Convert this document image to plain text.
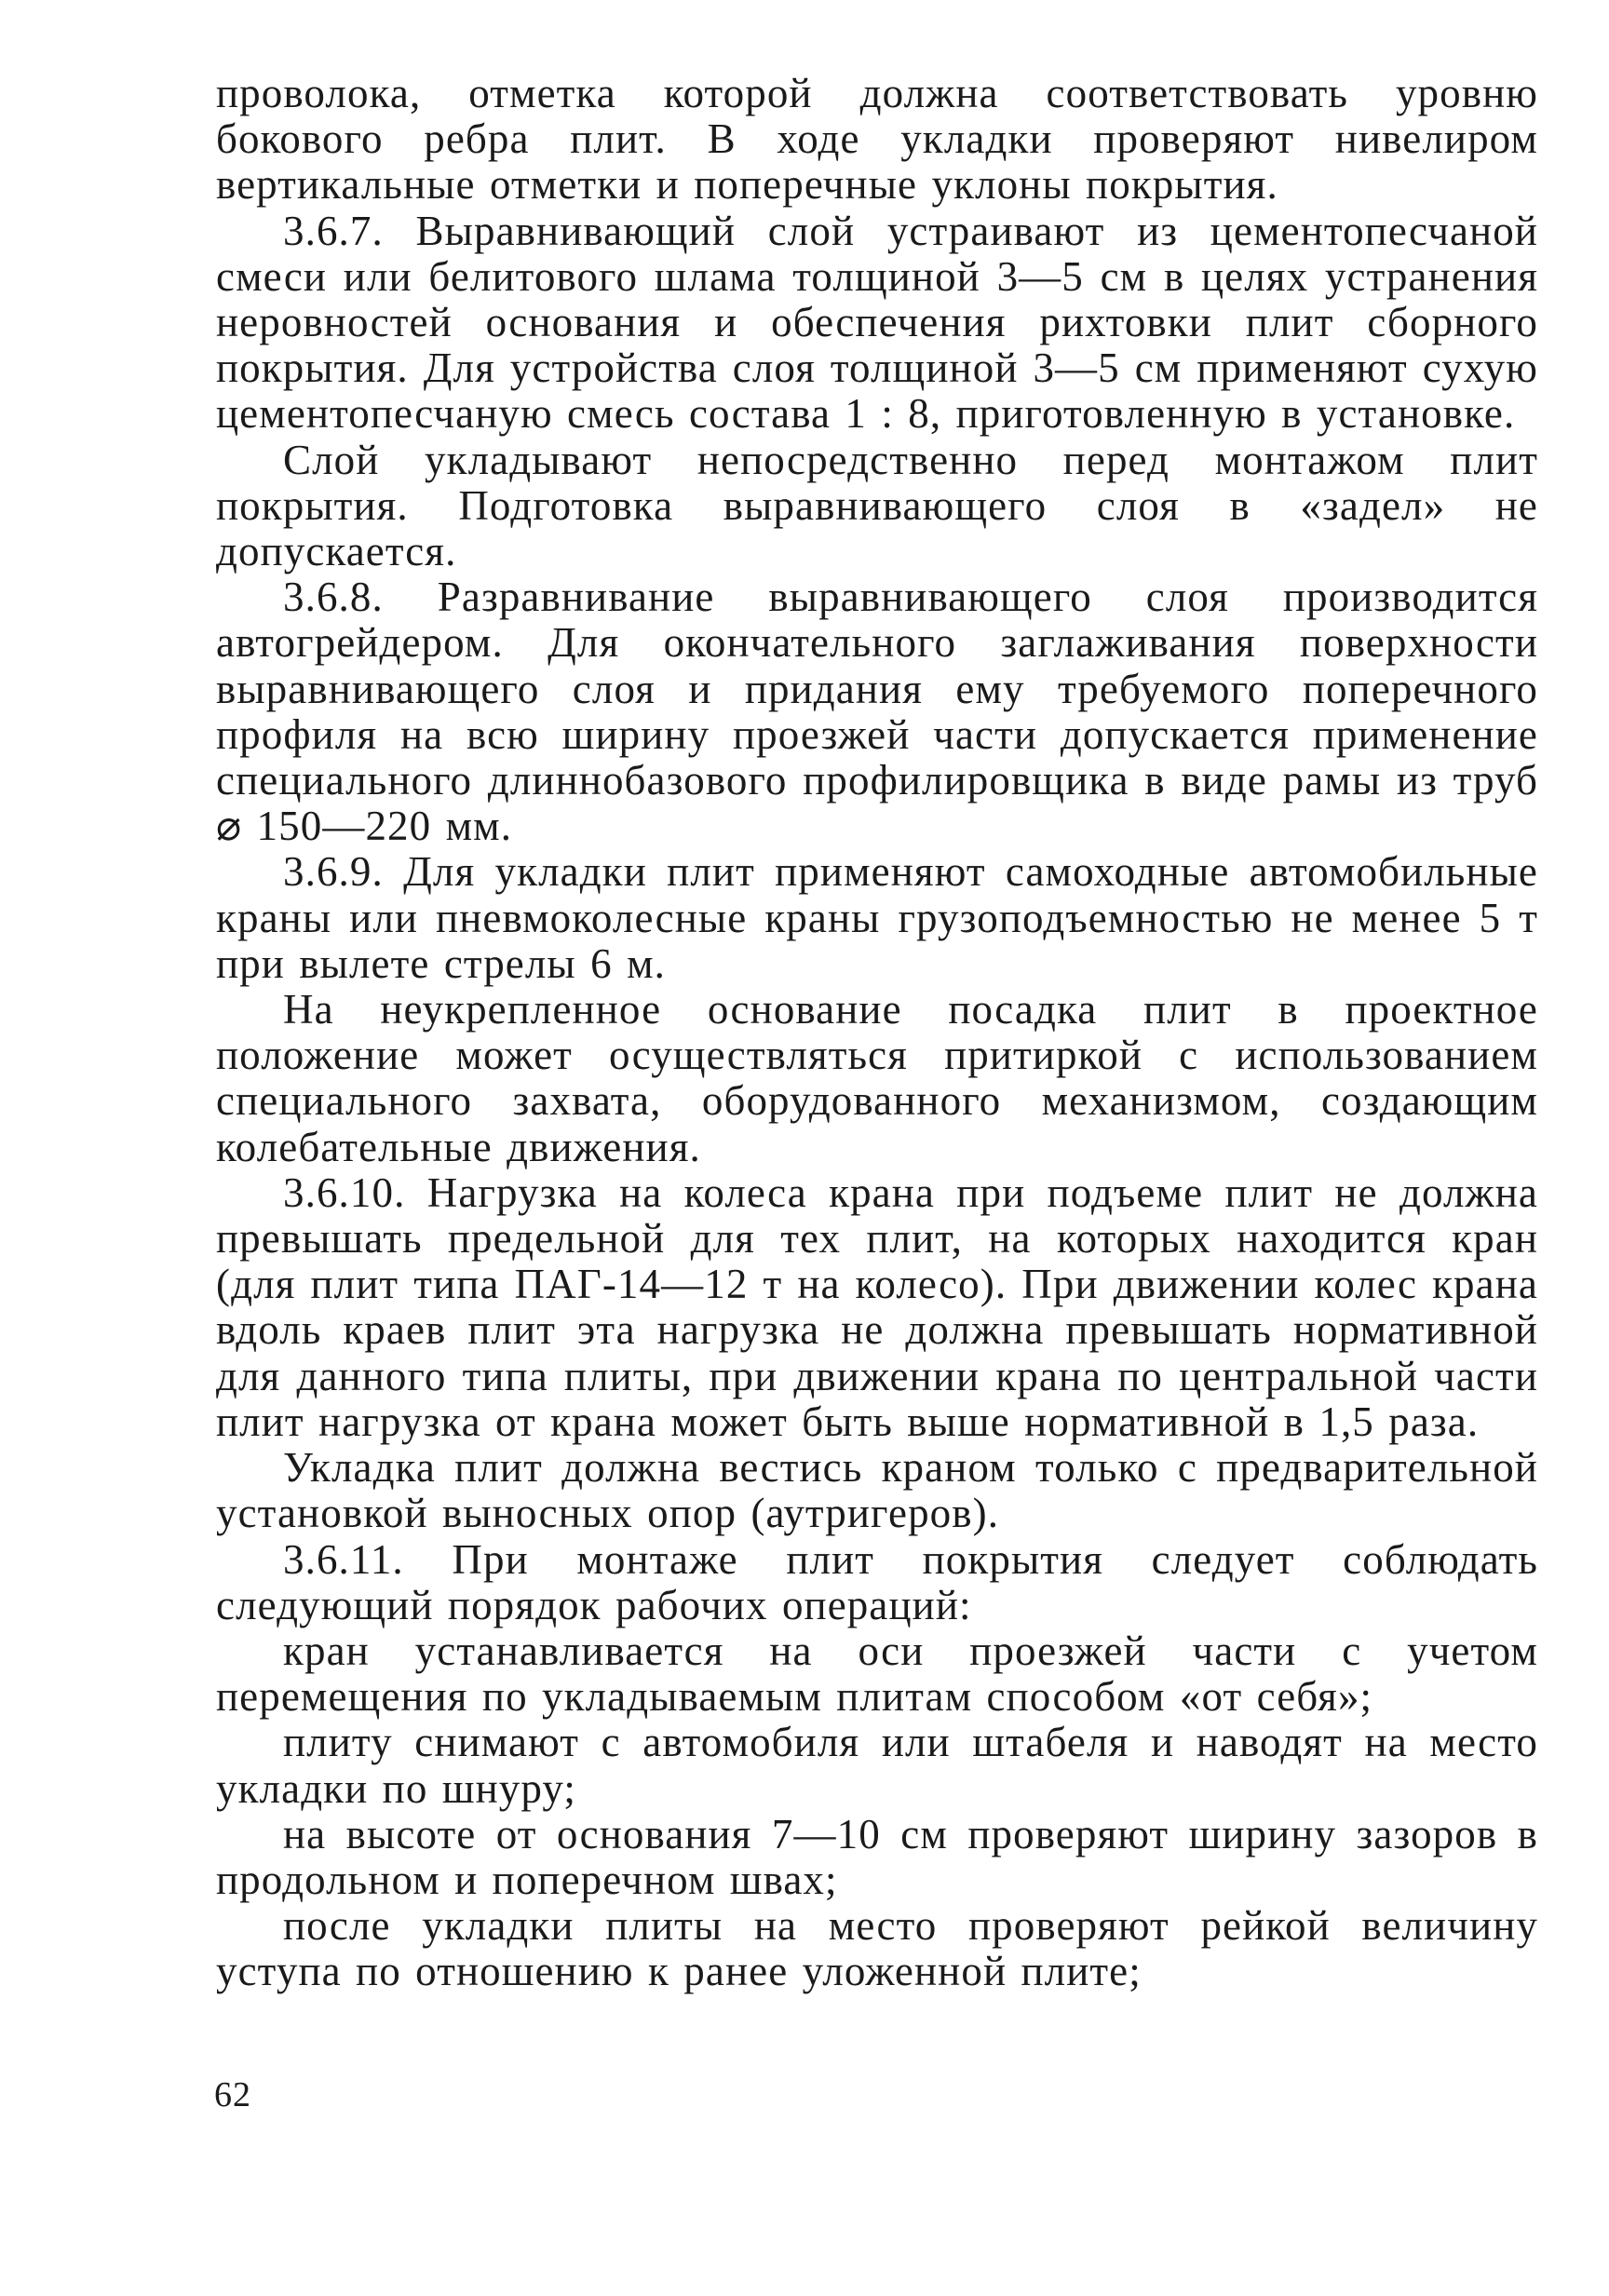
проволока, отметка которой должна соответствовать уровню бокового ребра плит. В ходе укладки проверяют нивелиром вертикальные отметки и поперечные уклоны покрытия.

3.6.7. Выравнивающий слой устраивают из цементопесчаной смеси или белитового шлама толщиной 3—5 см в целях устранения неровностей основания и обеспечения рихтовки плит сборного покрытия. Для устройства слоя толщиной 3—5 см применяют сухую цементопесчаную смесь состава 1 : 8, приготовленную в установке.

Слой укладывают непосредственно перед монтажом плит покрытия. Подготовка выравнивающего слоя в «задел» не допускается.

3.6.8. Разравнивание выравнивающего слоя производится автогрейдером. Для окончательного заглаживания поверхности выравнивающего слоя и придания ему требуемого поперечного профиля на всю ширину проезжей части допускается применение специального длиннобазового профилировщика в виде рамы из труб ⌀ 150—220 мм.

3.6.9. Для укладки плит применяют самоходные автомобильные краны или пневмоколесные краны грузоподъемностью не менее 5 т при вылете стрелы 6 м.

На неукрепленное основание посадка плит в проектное положение может осуществляться притиркой с использованием специального захвата, оборудованного механизмом, создающим колебательные движения.

3.6.10. Нагрузка на колеса крана при подъеме плит не должна превышать предельной для тех плит, на которых находится кран (для плит типа ПАГ-14—12 т на колесо). При движении колес крана вдоль краев плит эта нагрузка не должна превышать нормативной для данного типа плиты, при движении крана по центральной части плит нагрузка от крана может быть выше нормативной в 1,5 раза.

Укладка плит должна вестись краном только с предварительной установкой выносных опор (аутригеров).

3.6.11. При монтаже плит покрытия следует соблюдать следующий порядок рабочих операций:

кран устанавливается на оси проезжей части с учетом перемещения по укладываемым плитам способом «от себя»;

плиту снимают с автомобиля или штабеля и наводят на место укладки по шнуру;

на высоте от основания 7—10 см проверяют ширину зазоров в продольном и поперечном швах;

после укладки плиты на место проверяют рейкой величину уступа по отношению к ранее уложенной плите;

62
